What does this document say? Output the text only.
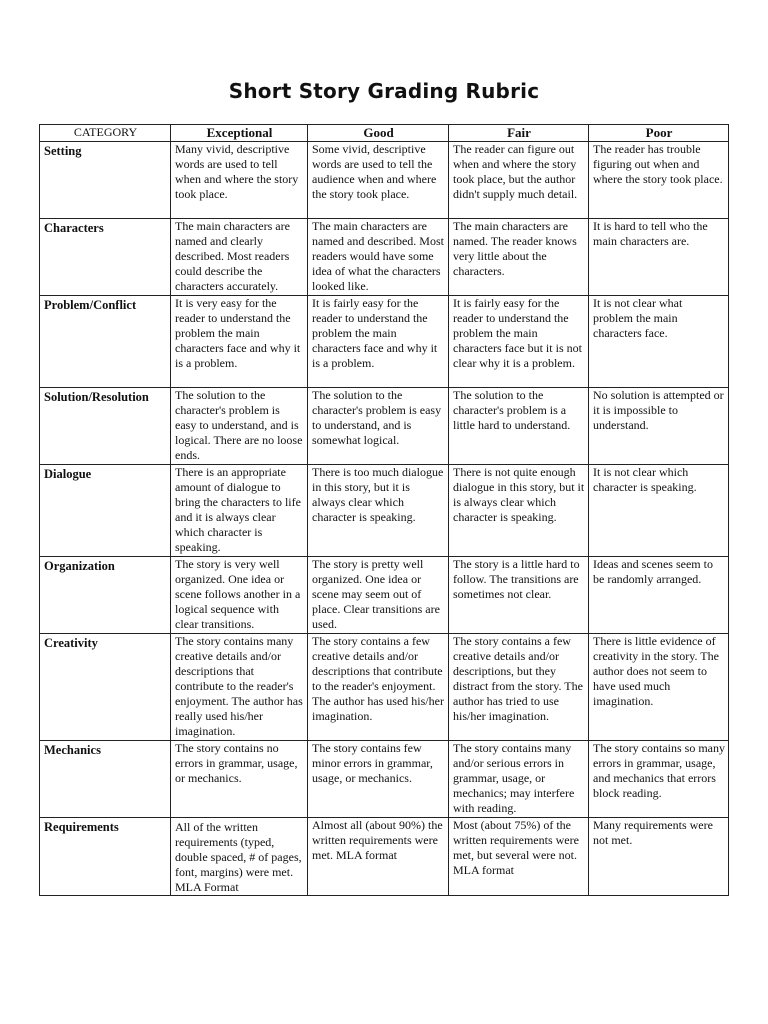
Short Story Grading Rubric
CATEGORY	Exceptional	Good	Fair	Poor
Setting	Many vivid, descriptive words are used to tell when and where the story took place.	Some vivid, descriptive words are used to tell the audience when and where the story took place.	The reader can figure out when and where the story took place, but the author didn't supply much detail.	The reader has trouble figuring out when and where the story took place.
Characters	The main characters are named and clearly described. Most readers could describe the characters accurately.	The main characters are named and described. Most readers would have some idea of what the characters looked like.	The main characters are named. The reader knows very little about the characters.	It is hard to tell who the main characters are.
Problem/Conflict	It is very easy for the reader to understand the problem the main characters face and why it is a problem.	It is fairly easy for the reader to understand the problem the main characters face and why it is a problem.	It is fairly easy for the reader to understand the problem the main characters face but it is not clear why it is a problem.	It is not clear what problem the main characters face.
Solution/Resolution	The solution to the character's problem is easy to understand, and is logical. There are no loose ends.	The solution to the character's problem is easy to understand, and is somewhat logical.	The solution to the character's problem is a little hard to understand.	No solution is attempted or it is impossible to understand.
Dialogue	There is an appropriate amount of dialogue to bring the characters to life and it is always clear which character is speaking.	There is too much dialogue in this story, but it is always clear which character is speaking.	There is not quite enough dialogue in this story, but it is always clear which character is speaking.	It is not clear which character is speaking.
Organization	The story is very well organized. One idea or scene follows another in a logical sequence with clear transitions.	The story is pretty well organized. One idea or scene may seem out of place. Clear transitions are used.	The story is a little hard to follow. The transitions are sometimes not clear.	Ideas and scenes seem to be randomly arranged.
Creativity	The story contains many creative details and/or descriptions that contribute to the reader's enjoyment. The author has really used his/her imagination.	The story contains a few creative details and/or descriptions that contribute to the reader's enjoyment. The author has used his/her imagination.	The story contains a few creative details and/or descriptions, but they distract from the story. The author has tried to use his/her imagination.	There is little evidence of creativity in the story. The author does not seem to have used much imagination.
Mechanics	The story contains no errors in grammar, usage, or mechanics.	The story contains few minor errors in grammar, usage, or mechanics.	The story contains many and/or serious errors in grammar, usage, or mechanics; may interfere with reading.	The story contains so many errors in grammar, usage, and mechanics that errors block reading.
Requirements	All of the written requirements (typed, double spaced, # of pages, font, margins) were met. MLA Format	Almost all (about 90%) the written requirements were met. MLA format	Most (about 75%) of the written requirements were met, but several were not. MLA format	Many requirements were not met.
